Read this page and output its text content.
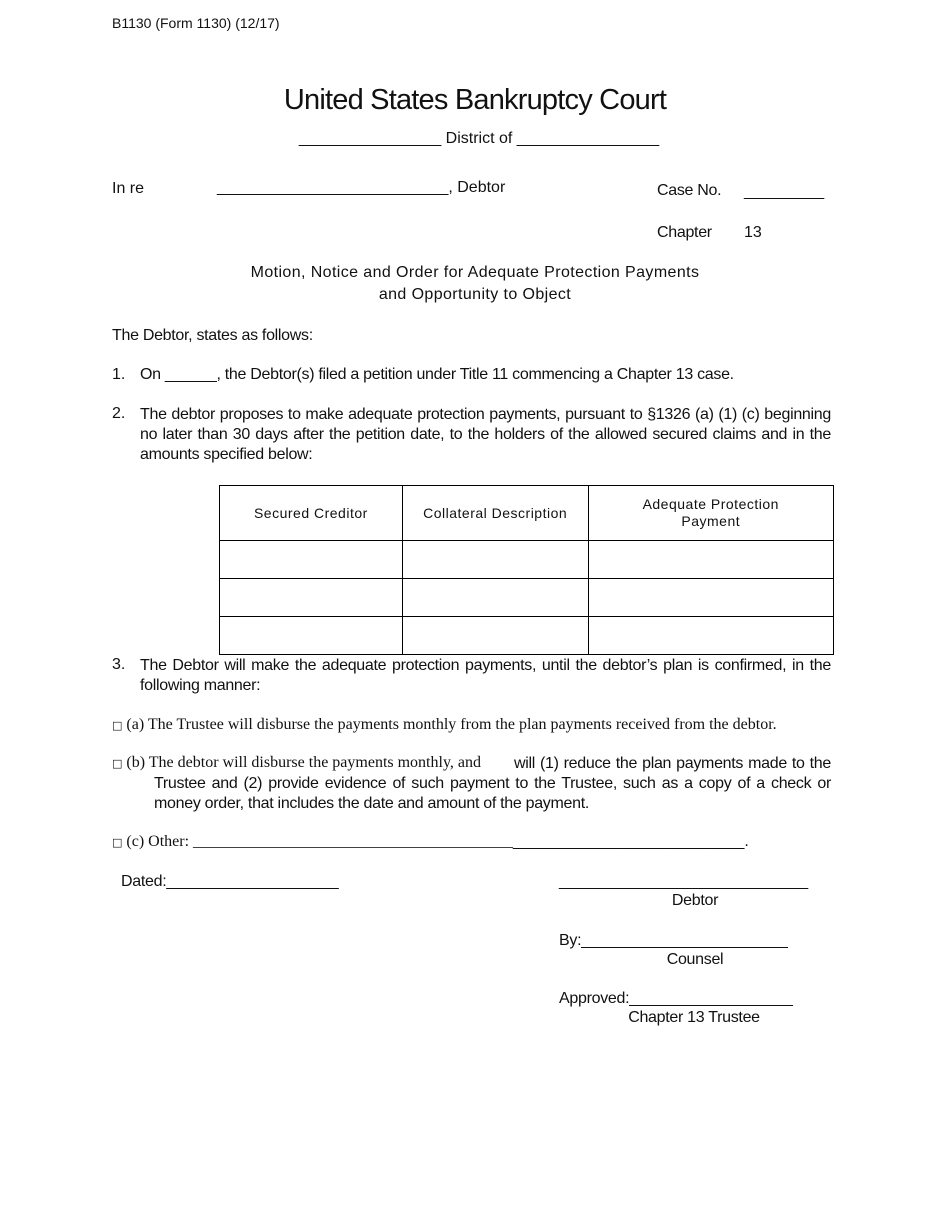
B1130 (Form 1130) (12/17)
United States Bankruptcy Court
________________ District of ________________
In re	__________________________, Debtor	Case No. _________
Chapter 13
Motion, Notice and Order for Adequate Protection Payments
and Opportunity to Object
The Debtor, states as follows:
1. On ______, the Debtor(s) filed a petition under Title 11 commencing a Chapter 13 case.
2. The debtor proposes to make adequate protection payments, pursuant to §1326 (a) (1) (c) beginning no later than 30 days after the petition date, to the holders of the allowed secured claims and in the amounts specified below:
Secured Creditor	Collateral Description	Adequate Protection Payment

3. The Debtor will make the adequate protection payments, until the debtor’s plan is confirmed, in the following manner:
□ (a) The Trustee will disburse the payments monthly from the plan payments received from the debtor.
□ (b) The debtor will disburse the payments monthly, and	will (1) reduce the plan payments made to the Trustee and (2) provide evidence of such payment to the Trustee, such as a copy of a check or money order, that includes the date and amount of the payment.
□ (c) Other: __________________________________________________________________.
Dated:____________________	____________________________
Debtor
By:________________________
Counsel
Approved:___________________
Chapter 13 Trustee
